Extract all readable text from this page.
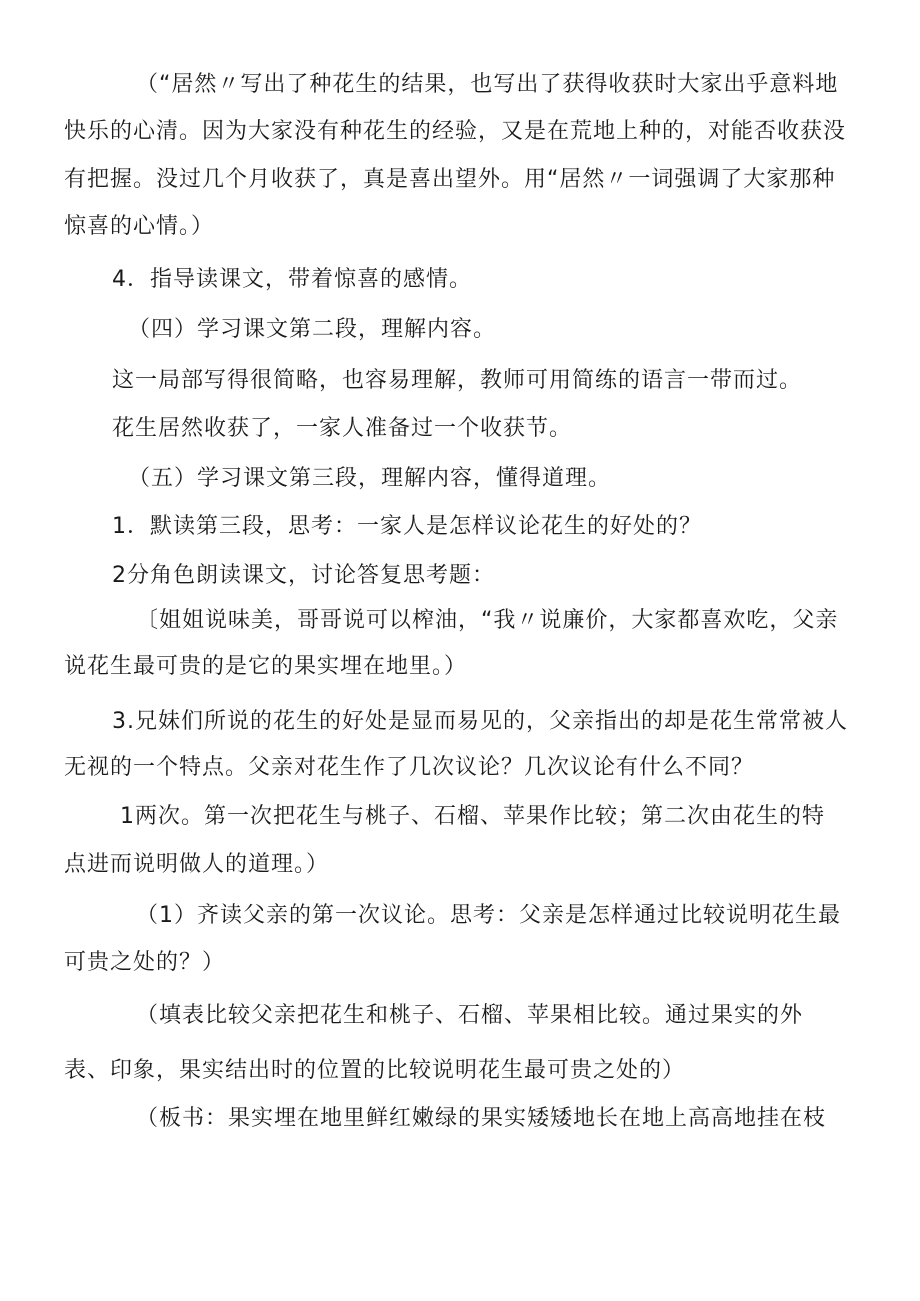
（“居然〃写出了种花生的结果，也写出了获得收获时大家出乎意料地
快乐的心清。因为大家没有种花生的经验，又是在荒地上种的，对能否收获没
有把握。没过几个月收获了，真是喜出望外。用“居然〃一词强调了大家那种
惊喜的心情。）
4．指导读课文，带着惊喜的感情。
（四）学习课文第二段，理解内容。
这一局部写得很简略，也容易理解，教师可用简练的语言一带而过。
花生居然收获了，一家人准备过一个收获节。
（五）学习课文第三段，理解内容，懂得道理。
1．默读第三段，思考：一家人是怎样议论花生的好处的？
2分角色朗读课文，讨论答复思考题：
〔姐姐说味美，哥哥说可以榨油，“我〃说廉价，大家都喜欢吃，父亲
说花生最可贵的是它的果实埋在地里。）
3.兄妹们所说的花生的好处是显而易见的，父亲指出的却是花生常常被人
无视的一个特点。父亲对花生作了几次议论？几次议论有什么不同？
1两次。第一次把花生与桃子、石榴、苹果作比较；第二次由花生的特
点进而说明做人的道理。）
（1）齐读父亲的第一次议论。思考：父亲是怎样通过比较说明花生最
可贵之处的？）
（填表比较父亲把花生和桃子、石榴、苹果相比较。通过果实的外
表、印象，果实结出时的位置的比较说明花生最可贵之处的）
（板书：果实埋在地里鲜红嫩绿的果实矮矮地长在地上高高地挂在枝
